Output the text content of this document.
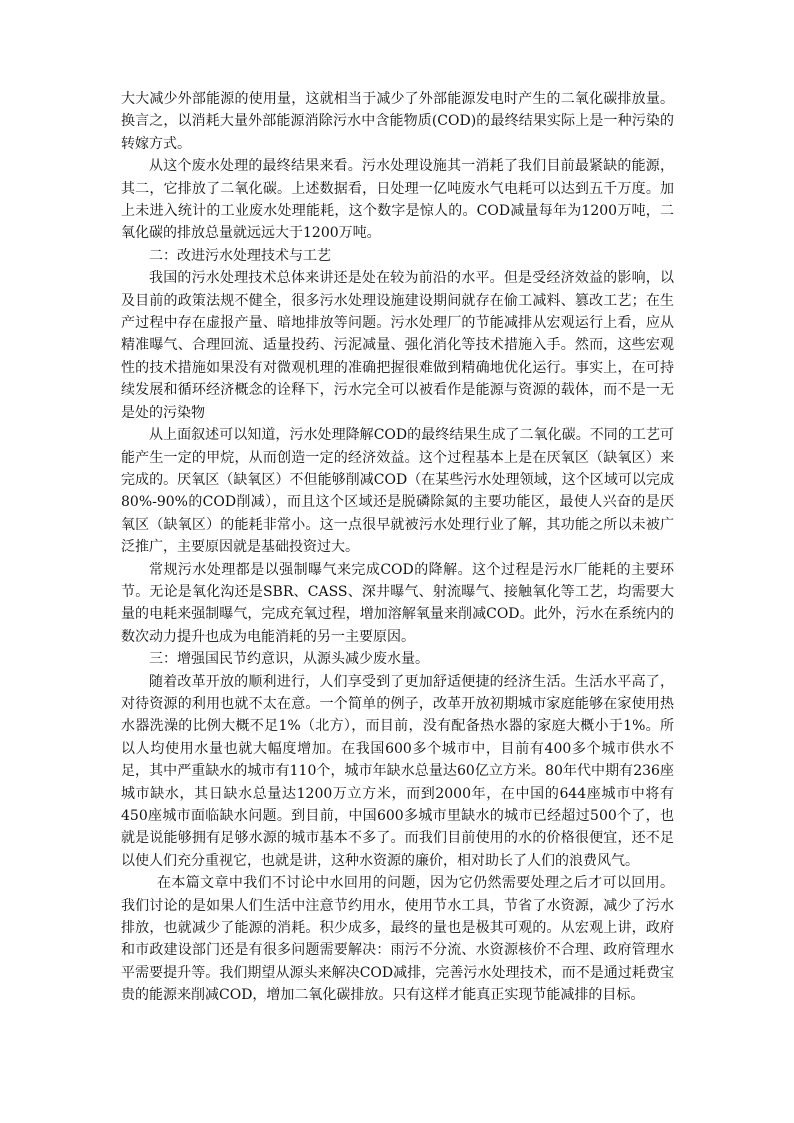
大大减少外部能源的使用量，这就相当于减少了外部能源发电时产生的二氧化碳排放量。换言之，以消耗大量外部能源消除污水中含能物质(COD)的最终结果实际上是一种污染的转嫁方式。

从这个废水处理的最终结果来看。污水处理设施其一消耗了我们目前最紧缺的能源，其二，它排放了二氧化碳。上述数据看，日处理一亿吨废水气电耗可以达到五千万度。加上未进入统计的工业废水处理能耗，这个数字是惊人的。COD减量每年为1200万吨，二氧化碳的排放总量就远远大于1200万吨。

二：改进污水处理技术与工艺

我国的污水处理技术总体来讲还是处在较为前沿的水平。但是受经济效益的影响，以及目前的政策法规不健全，很多污水处理设施建设期间就存在偷工减料、篡改工艺；在生产过程中存在虚报产量、暗地排放等问题。污水处理厂的节能减排从宏观运行上看，应从精准曝气、合理回流、适量投药、污泥减量、强化消化等技术措施入手。然而，这些宏观性的技术措施如果没有对微观机理的准确把握很难做到精确地优化运行。事实上，在可持续发展和循环经济概念的诠释下，污水完全可以被看作是能源与资源的载体，而不是一无是处的污染物

从上面叙述可以知道，污水处理降解COD的最终结果生成了二氧化碳。不同的工艺可能产生一定的甲烷，从而创造一定的经济效益。这个过程基本上是在厌氧区（缺氧区）来完成的。厌氧区（缺氧区）不但能够削减COD（在某些污水处理领域，这个区域可以完成80%-90%的COD削减），而且这个区域还是脱磷除氮的主要功能区，最使人兴奋的是厌氧区（缺氧区）的能耗非常小。这一点很早就被污水处理行业了解，其功能之所以未被广泛推广，主要原因就是基础投资过大。

常规污水处理都是以强制曝气来完成COD的降解。这个过程是污水厂能耗的主要环节。无论是氧化沟还是SBR、CASS、深井曝气、射流曝气、接触氧化等工艺，均需要大量的电耗来强制曝气，完成充氧过程，增加溶解氧量来削减COD。此外，污水在系统内的数次动力提升也成为电能消耗的另一主要原因。

三：增强国民节约意识，从源头减少废水量。

随着改革开放的顺利进行，人们享受到了更加舒适便捷的经济生活。生活水平高了，对待资源的利用也就不太在意。一个简单的例子，改革开放初期城市家庭能够在家使用热水器洗澡的比例大概不足1%（北方），而目前，没有配备热水器的家庭大概小于1%。所以人均使用水量也就大幅度增加。在我国600多个城市中，目前有400多个城市供水不足，其中严重缺水的城市有110个，城市年缺水总量达60亿立方米。80年代中期有236座城市缺水，其日缺水总量达1200万立方米，而到2000年，在中国的644座城市中将有450座城市面临缺水问题。到目前，中国600多城市里缺水的城市已经超过500个了，也就是说能够拥有足够水源的城市基本不多了。而我们目前使用的水的价格很便宜，还不足以使人们充分重视它，也就是讲，这种水资源的廉价，相对助长了人们的浪费风气。

在本篇文章中我们不讨论中水回用的问题，因为它仍然需要处理之后才可以回用。我们讨论的是如果人们生活中注意节约用水，使用节水工具，节省了水资源，减少了污水排放，也就减少了能源的消耗。积少成多，最终的量也是极其可观的。从宏观上讲，政府和市政建设部门还是有很多问题需要解决：雨污不分流、水资源核价不合理、政府管理水平需要提升等。我们期望从源头来解决COD减排，完善污水处理技术，而不是通过耗费宝贵的能源来削减COD，增加二氧化碳排放。只有这样才能真正实现节能减排的目标。
